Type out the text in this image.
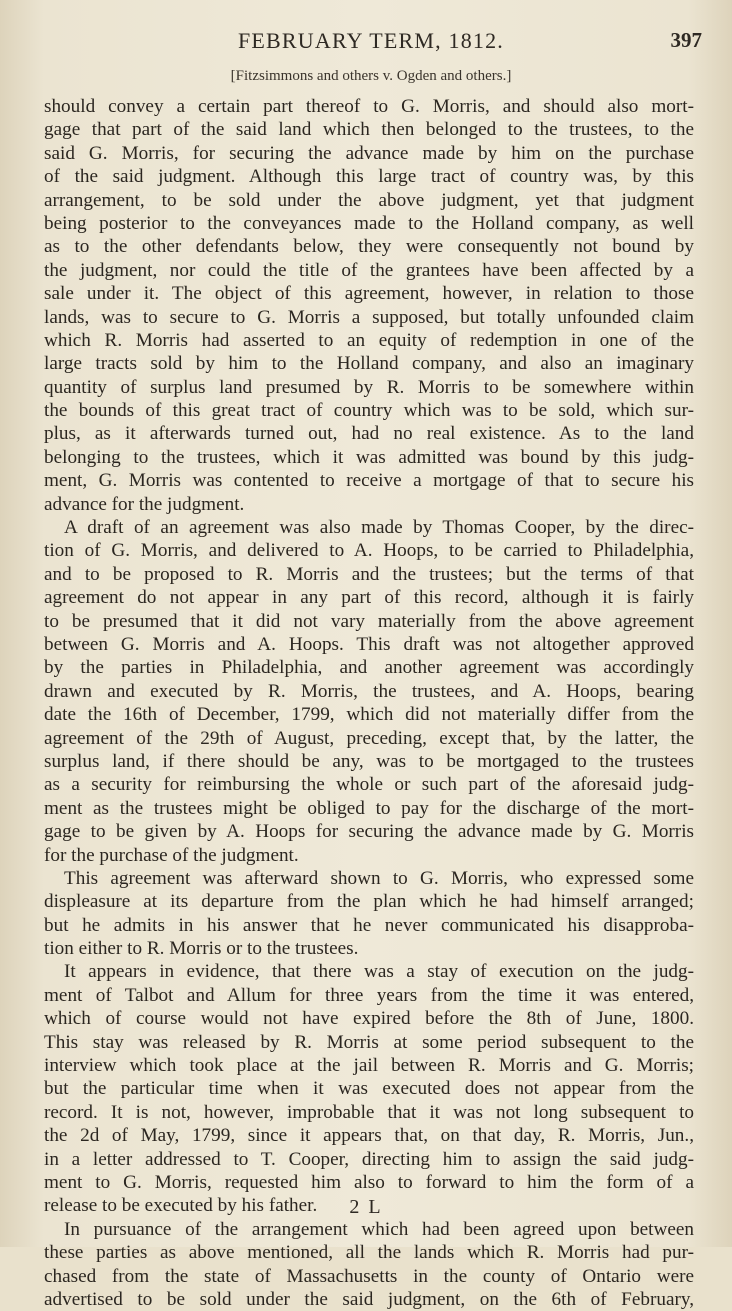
FEBRUARY TERM, 1812.	397
[Fitzsimmons and others v. Ogden and others.]
should convey a certain part thereof to G. Morris, and should also mort-
gage that part of the said land which then belonged to the trustees, to the
said G. Morris, for securing the advance made by him on the purchase
of the said judgment. Although this large tract of country was, by this
arrangement, to be sold under the above judgment, yet that judgment
being posterior to the conveyances made to the Holland company, as well
as to the other defendants below, they were consequently not bound by
the judgment, nor could the title of the grantees have been affected by a
sale under it. The object of this agreement, however, in relation to those
lands, was to secure to G. Morris a supposed, but totally unfounded claim
which R. Morris had asserted to an equity of redemption in one of the
large tracts sold by him to the Holland company, and also an imaginary
quantity of surplus land presumed by R. Morris to be somewhere within
the bounds of this great tract of country which was to be sold, which sur-
plus, as it afterwards turned out, had no real existence. As to the land
belonging to the trustees, which it was admitted was bound by this judg-
ment, G. Morris was contented to receive a mortgage of that to secure his
advance for the judgment.
A draft of an agreement was also made by Thomas Cooper, by the direc-
tion of G. Morris, and delivered to A. Hoops, to be carried to Philadelphia,
and to be proposed to R. Morris and the trustees; but the terms of that
agreement do not appear in any part of this record, although it is fairly
to be presumed that it did not vary materially from the above agreement
between G. Morris and A. Hoops. This draft was not altogether approved
by the parties in Philadelphia, and another agreement was accordingly
drawn and executed by R. Morris, the trustees, and A. Hoops, bearing
date the 16th of December, 1799, which did not materially differ from the
agreement of the 29th of August, preceding, except that, by the latter, the
surplus land, if there should be any, was to be mortgaged to the trustees
as a security for reimbursing the whole or such part of the aforesaid judg-
ment as the trustees might be obliged to pay for the discharge of the mort-
gage to be given by A. Hoops for securing the advance made by G. Morris
for the purchase of the judgment.
This agreement was afterward shown to G. Morris, who expressed some
displeasure at its departure from the plan which he had himself arranged;
but he admits in his answer that he never communicated his disapproba-
tion either to R. Morris or to the trustees.
It appears in evidence, that there was a stay of execution on the judg-
ment of Talbot and Allum for three years from the time it was entered,
which of course would not have expired before the 8th of June, 1800.
This stay was released by R. Morris at some period subsequent to the
interview which took place at the jail between R. Morris and G. Morris;
but the particular time when it was executed does not appear from the
record. It is not, however, improbable that it was not long subsequent to
the 2d of May, 1799, since it appears that, on that day, R. Morris, Jun.,
in a letter addressed to T. Cooper, directing him to assign the said judg-
ment to G. Morris, requested him also to forward to him the form of a
release to be executed by his father.
In pursuance of the arrangement which had been agreed upon between
these parties as above mentioned, all the lands which R. Morris had pur-
chased from the state of Massachusetts in the county of Ontario were
advertised to be sold under the said judgment, on the 6th of February,
2 L
